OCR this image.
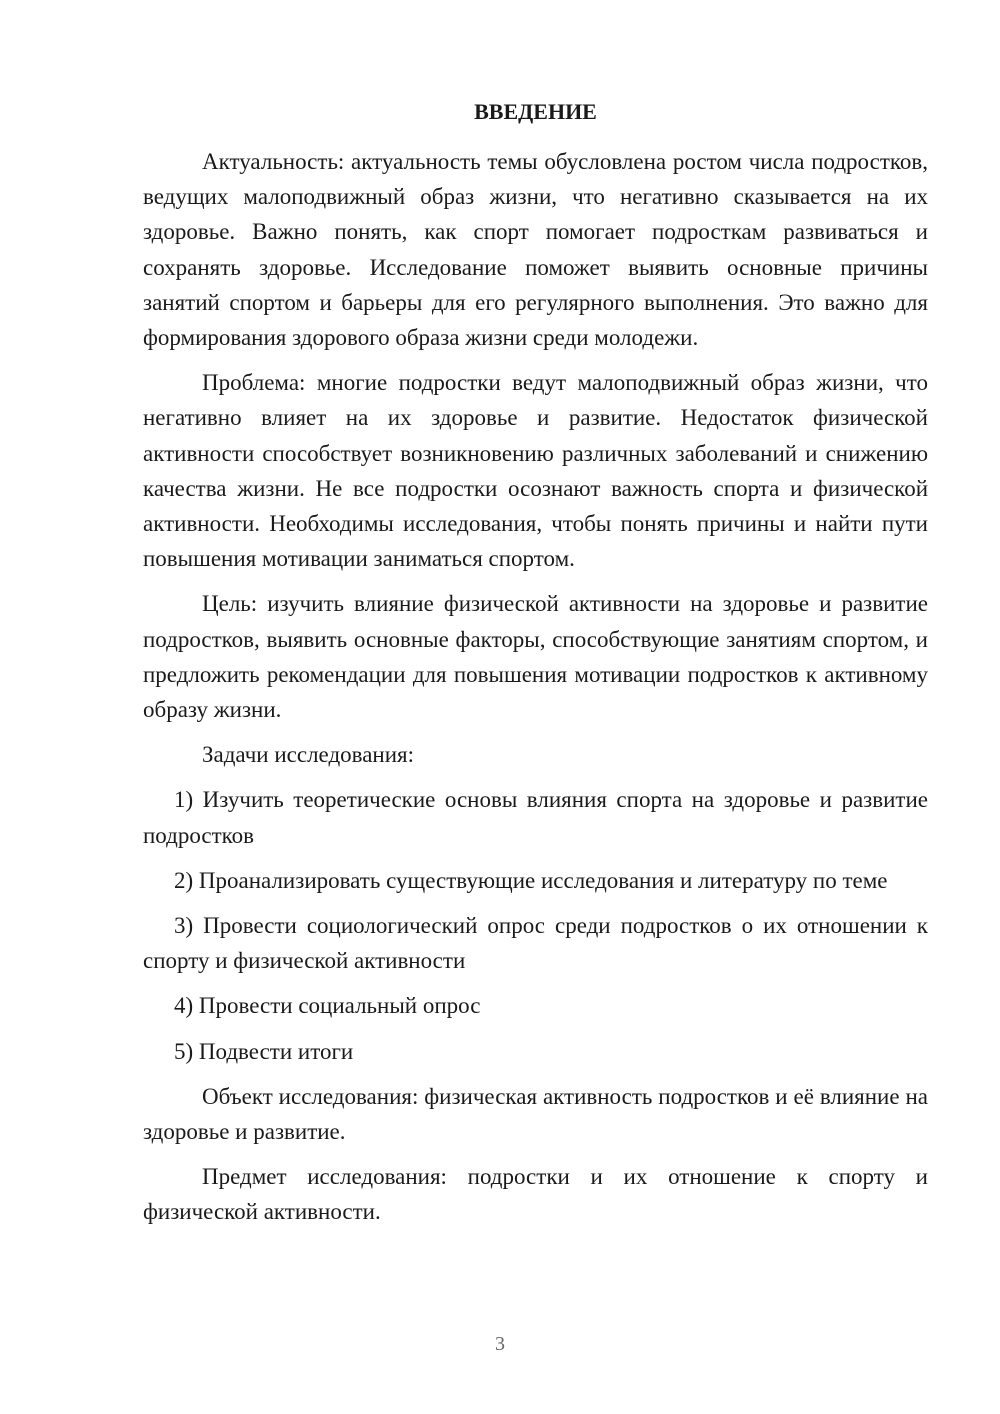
ВВЕДЕНИЕ

Актуальность: актуальность темы обусловлена ростом числа подростков, ведущих малоподвижный образ жизни, что негативно сказывается на их здоровье. Важно понять, как спорт помогает подросткам развиваться и сохранять здоровье. Исследование поможет выявить основные причины занятий спортом и барьеры для его регулярного выполнения. Это важно для формирования здорового образа жизни среди молодежи.

Проблема: многие подростки ведут малоподвижный образ жизни, что негативно влияет на их здоровье и развитие. Недостаток физической активности способствует возникновению различных заболеваний и снижению качества жизни. Не все подростки осознают важность спорта и физической активности. Необходимы исследования, чтобы понять причины и найти пути повышения мотивации заниматься спортом.

Цель: изучить влияние физической активности на здоровье и развитие подростков, выявить основные факторы, способствующие занятиям спортом, и предложить рекомендации для повышения мотивации подростков к активному образу жизни.

Задачи исследования:

1) Изучить теоретические основы влияния спорта на здоровье и развитие подростков

2) Проанализировать существующие исследования и литературу по теме

3) Провести социологический опрос среди подростков о их отношении к спорту и физической активности

4) Провести социальный опрос

5) Подвести итоги

Объект исследования: физическая активность подростков и её влияние на здоровье и развитие.

Предмет исследования: подростки и их отношение к спорту и физической активности.

3
